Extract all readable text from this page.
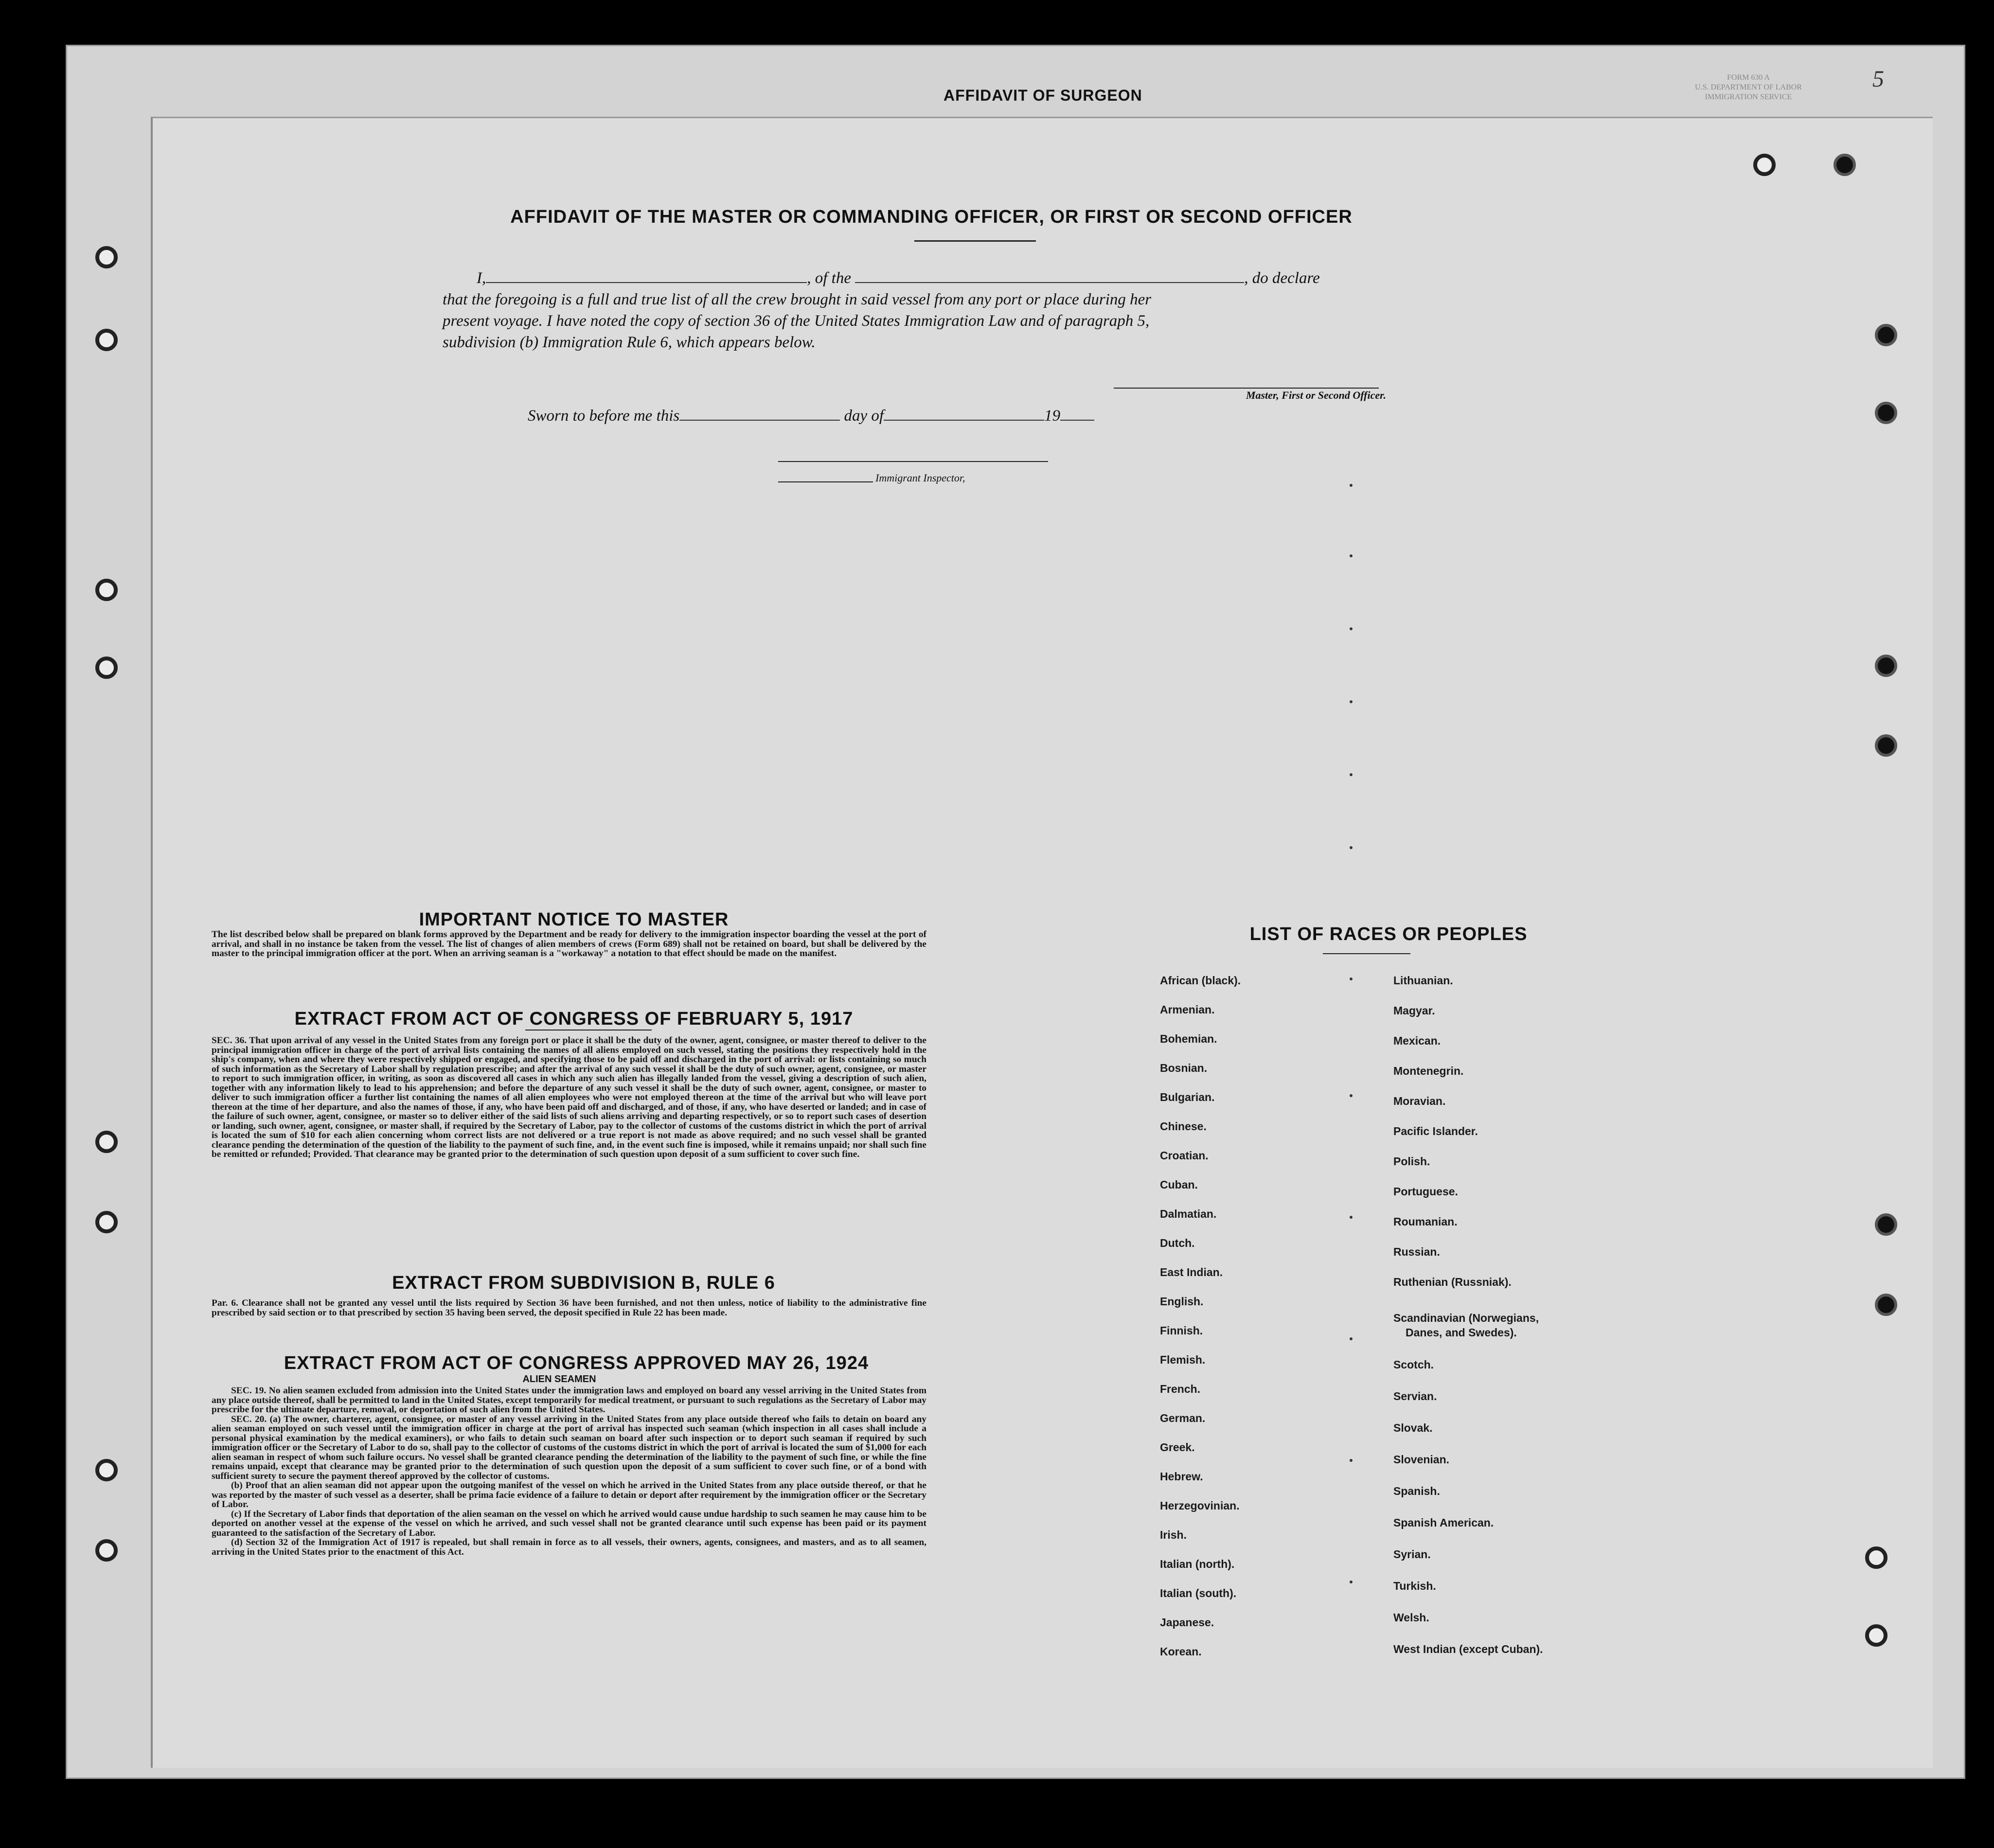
AFFIDAVIT OF SURGEON
FORM 630 A
U.S. DEPARTMENT OF LABOR
IMMIGRATION SERVICE
5
AFFIDAVIT OF THE MASTER OR COMMANDING OFFICER, OR FIRST OR SECOND OFFICER
I,	, of the	, do declare
that the foregoing is a full and true list of all the crew brought in said vessel from any port or place during her
present voyage. I have noted the copy of section 36 of the United States Immigration Law and of paragraph 5,
subdivision (b) Immigration Rule 6, which appears below.
Master, First or Second Officer.
Sworn to before me this	day of	19
Immigrant Inspector,
IMPORTANT NOTICE TO MASTER
The list described below shall be prepared on blank forms approved by the Department and be ready for delivery to the immigration inspector boarding the vessel at the port of arrival, and shall in no instance be taken from the vessel. The list of changes of alien members of crews (Form 689) shall not be retained on board, but shall be delivered by the master to the principal immigration officer at the port. When an arriving seaman is a "workaway" a notation to that effect should be made on the manifest.
EXTRACT FROM ACT OF CONGRESS OF FEBRUARY 5, 1917
SEC. 36. That upon arrival of any vessel in the United States from any foreign port or place it shall be the duty of the owner, agent, consignee, or master thereof to deliver to the principal immigration officer in charge of the port of arrival lists containing the names of all aliens employed on such vessel, stating the positions they respectively hold in the ship's company, when and where they were respectively shipped or engaged, and specifying those to be paid off and discharged in the port of arrival: or lists containing so much of such information as the Secretary of Labor shall by regulation prescribe; and after the arrival of any such vessel it shall be the duty of such owner, agent, consignee, or master to report to such immigration officer, in writing, as soon as discovered all cases in which any such alien has illegally landed from the vessel, giving a description of such alien, together with any information likely to lead to his apprehension; and before the departure of any such vessel it shall be the duty of such owner, agent, consignee, or master to deliver to such immigration officer a further list containing the names of all alien employees who were not employed thereon at the time of the arrival but who will leave port thereon at the time of her departure, and also the names of those, if any, who have been paid off and discharged, and of those, if any, who have deserted or landed; and in case of the failure of such owner, agent, consignee, or master so to deliver either of the said lists of such aliens arriving and departing respectively, or so to report such cases of desertion or landing, such owner, agent, consignee, or master shall, if required by the Secretary of Labor, pay to the collector of customs of the customs district in which the port of arrival is located the sum of $10 for each alien concerning whom correct lists are not delivered or a true report is not made as above required; and no such vessel shall be granted clearance pending the determination of the question of the liability to the payment of such fine, and, in the event such fine is imposed, while it remains unpaid; nor shall such fine be remitted or refunded; Provided. That clearance may be granted prior to the determination of such question upon deposit of a sum sufficient to cover such fine.
EXTRACT FROM SUBDIVISION B, RULE 6
Par. 6. Clearance shall not be granted any vessel until the lists required by Section 36 have been furnished, and not then unless, notice of liability to the administrative fine prescribed by said section or to that prescribed by section 35 having been served, the deposit specified in Rule 22 has been made.
EXTRACT FROM ACT OF CONGRESS APPROVED MAY 26, 1924
ALIEN SEAMEN
SEC. 19. No alien seamen excluded from admission into the United States under the immigration laws and employed on board any vessel arriving in the United States from any place outside thereof, shall be permitted to land in the United States, except temporarily for medical treatment, or pursuant to such regulations as the Secretary of Labor may prescribe for the ultimate departure, removal, or deportation of such alien from the United States.
SEC. 20. (a) The owner, charterer, agent, consignee, or master of any vessel arriving in the United States from any place outside thereof who fails to detain on board any alien seaman employed on such vessel until the immigration officer in charge at the port of arrival has inspected such seaman (which inspection in all cases shall include a personal physical examination by the medical examiners), or who fails to detain such seaman on board after such inspection or to deport such seaman if required by such immigration officer or the Secretary of Labor to do so, shall pay to the collector of customs of the customs district in which the port of arrival is located the sum of $1,000 for each alien seaman in respect of whom such failure occurs. No vessel shall be granted clearance pending the determination of the liability to the payment of such fine, or while the fine remains unpaid, except that clearance may be granted prior to the determination of such question upon the deposit of a sum sufficient to cover such fine, or of a bond with sufficient surety to secure the payment thereof approved by the collector of customs.
(b) Proof that an alien seaman did not appear upon the outgoing manifest of the vessel on which he arrived in the United States from any place outside thereof, or that he was reported by the master of such vessel as a deserter, shall be prima facie evidence of a failure to detain or deport after requirement by the immigration officer or the Secretary of Labor.
(c) If the Secretary of Labor finds that deportation of the alien seaman on the vessel on which he arrived would cause undue hardship to such seamen he may cause him to be deported on another vessel at the expense of the vessel on which he arrived, and such vessel shall not be granted clearance until such expense has been paid or its payment guaranteed to the satisfaction of the Secretary of Labor.
(d) Section 32 of the Immigration Act of 1917 is repealed, but shall remain in force as to all vessels, their owners, agents, consignees, and masters, and as to all seamen, arriving in the United States prior to the enactment of this Act.
LIST OF RACES OR PEOPLES
African (black).
Armenian.
Bohemian.
Bosnian.
Bulgarian.
Chinese.
Croatian.
Cuban.
Dalmatian.
Dutch.
East Indian.
English.
Finnish.
Flemish.
French.
German.
Greek.
Hebrew.
Herzegovinian.
Irish.
Italian (north).
Italian (south).
Japanese.
Korean.
Lithuanian.
Magyar.
Mexican.
Montenegrin.
Moravian.
Pacific Islander.
Polish.
Portuguese.
Roumanian.
Russian.
Ruthenian (Russniak).
Scandinavian (Norwegians,
Danes, and Swedes).
Scotch.
Servian.
Slovak.
Slovenian.
Spanish.
Spanish American.
Syrian.
Turkish.
Welsh.
West Indian (except Cuban).
